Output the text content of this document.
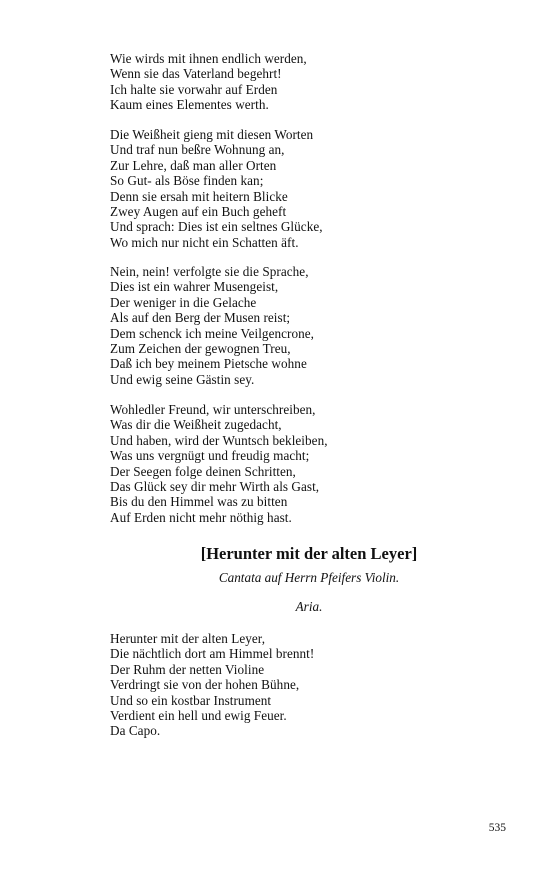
Wie wirds mit ihnen endlich werden,
Wenn sie das Vaterland begehrt!
Ich halte sie vorwahr auf Erden
Kaum eines Elementes werth.
Die Weißheit gieng mit diesen Worten
Und traf nun beßre Wohnung an,
Zur Lehre, daß man aller Orten
So Gut- als Böse finden kan;
Denn sie ersah mit heitern Blicke
Zwey Augen auf ein Buch geheft
Und sprach: Dies ist ein seltnes Glücke,
Wo mich nur nicht ein Schatten äft.
Nein, nein! verfolgte sie die Sprache,
Dies ist ein wahrer Musengeist,
Der weniger in die Gelache
Als auf den Berg der Musen reist;
Dem schenck ich meine Veilgencrone,
Zum Zeichen der gewognen Treu,
Daß ich bey meinem Pietsche wohne
Und ewig seine Gästin sey.
Wohledler Freund, wir unterschreiben,
Was dir die Weißheit zugedacht,
Und haben, wird der Wuntsch bekleiben,
Was uns vergnügt und freudig macht;
Der Seegen folge deinen Schritten,
Das Glück sey dir mehr Wirth als Gast,
Bis du den Himmel was zu bitten
Auf Erden nicht mehr nöthig hast.
[Herunter mit der alten Leyer]
Cantata auf Herrn Pfeifers Violin.
Aria.
Herunter mit der alten Leyer,
Die nächtlich dort am Himmel brennt!
Der Ruhm der netten Violine
Verdringt sie von der hohen Bühne,
Und so ein kostbar Instrument
Verdient ein hell und ewig Feuer.
Da Capo.
535
